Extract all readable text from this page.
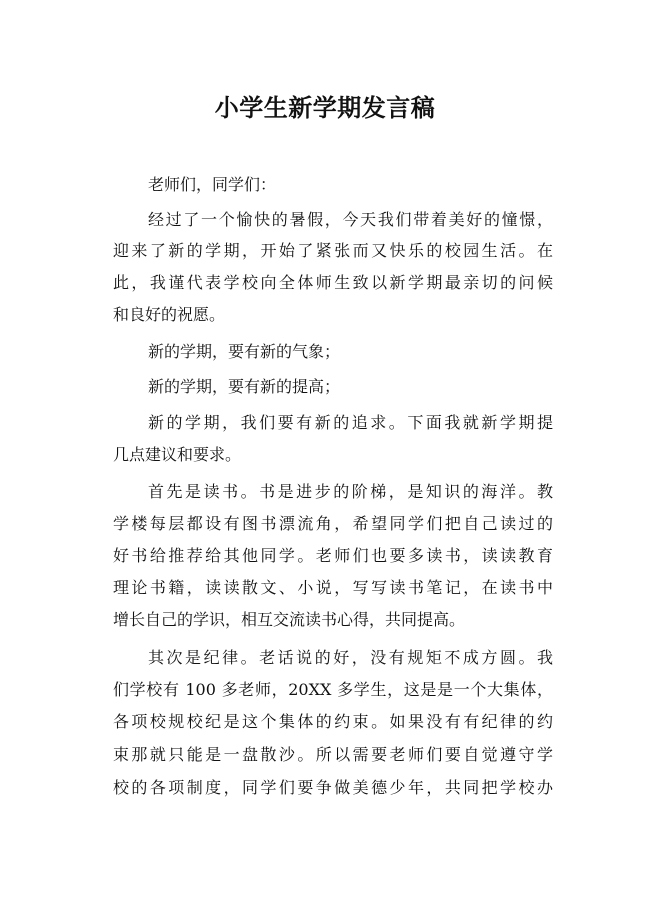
小学生新学期发言稿

老师们，同学们：

经过了一个愉快的暑假，今天我们带着美好的憧憬，

迎来了新的学期，开始了紧张而又快乐的校园生活。在

此，我谨代表学校向全体师生致以新学期最亲切的问候

和良好的祝愿。

新的学期，要有新的气象；

新的学期，要有新的提高；

新的学期，我们要有新的追求。下面我就新学期提

几点建议和要求。

首先是读书。书是进步的阶梯，是知识的海洋。教

学楼每层都设有图书漂流角，希望同学们把自己读过的

好书给推荐给其他同学。老师们也要多读书，读读教育

理论书籍，读读散文、小说，写写读书笔记，在读书中

增长自己的学识，相互交流读书心得，共同提高。

其次是纪律。老话说的好，没有规矩不成方圆。我

们学校有 100 多老师，20XX 多学生，这是是一个大集体，

各项校规校纪是这个集体的约束。如果没有有纪律的约

束那就只能是一盘散沙。所以需要老师们要自觉遵守学

校的各项制度，同学们要争做美德少年，共同把学校办
